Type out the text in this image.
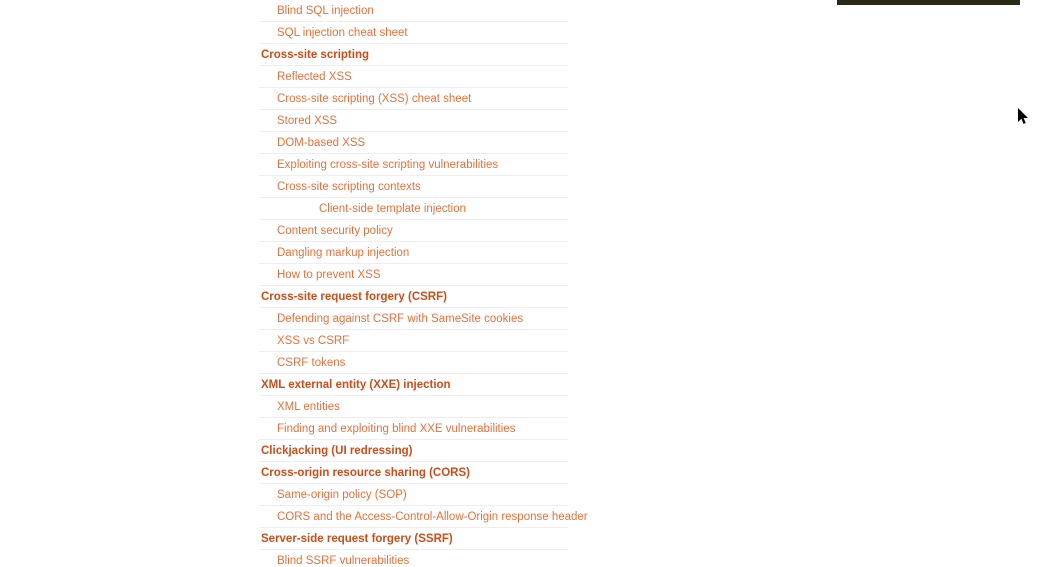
Blind SQL injection
SQL injection cheat sheet
Cross-site scripting
Reflected XSS
Cross-site scripting (XSS) cheat sheet
Stored XSS
DOM-based XSS
Exploiting cross-site scripting vulnerabilities
Cross-site scripting contexts
Client-side template injection
Content security policy
Dangling markup injection
How to prevent XSS
Cross-site request forgery (CSRF)
Defending against CSRF with SameSite cookies
XSS vs CSRF
CSRF tokens
XML external entity (XXE) injection
XML entities
Finding and exploiting blind XXE vulnerabilities
Clickjacking (UI redressing)
Cross-origin resource sharing (CORS)
Same-origin policy (SOP)
CORS and the Access-Control-Allow-Origin response header
Server-side request forgery (SSRF)
Blind SSRF vulnerabilities
